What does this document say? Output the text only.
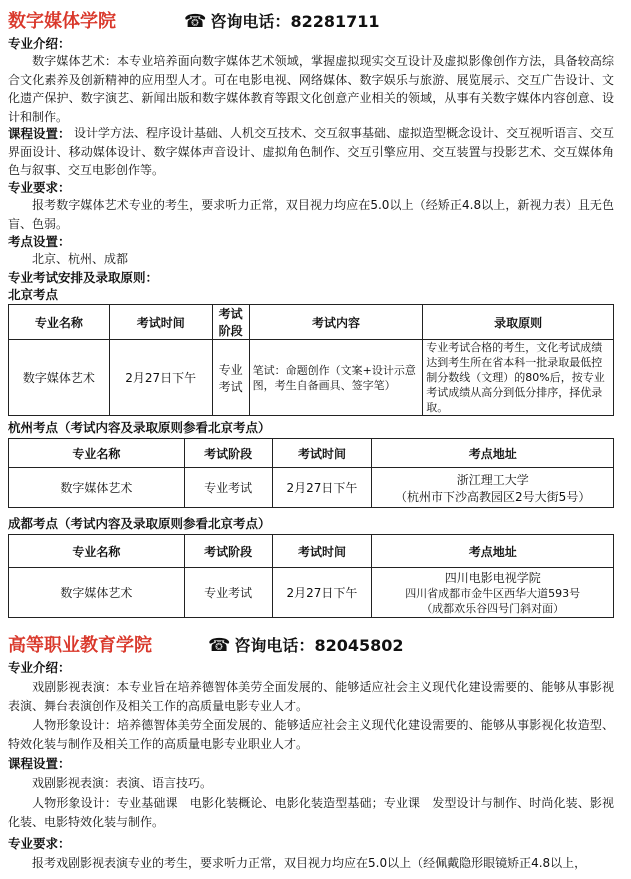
数字媒体学院	☎ 咨询电话：82281711
专业介绍：
数字媒体艺术：本专业培养面向数字媒体艺术领域，掌握虚拟现实交互设计及虚拟影像创作方法，具备较高综合文化素养及创新精神的应用型人才。可在电影电视、网络媒体、数字娱乐与旅游、展览展示、交互广告设计、文化遗产保护、数字演艺、新闻出版和数字媒体教育等跟文化创意产业相关的领域，从事有关数字媒体内容创意、设计和制作。
课程设置： 设计学方法、程序设计基础、人机交互技术、交互叙事基础、虚拟造型概念设计、交互视听语言、交互界面设计、移动媒体设计、数字媒体声音设计、虚拟角色制作、交互引擎应用、交互装置与投影艺术、交互媒体角色与叙事、交互电影创作等。
专业要求：
报考数字媒体艺术专业的考生，要求听力正常，双目视力均应在5.0以上（经矫正4.8以上，新视力表）且无色盲、色弱。
考点设置：
北京、杭州、成都
专业考试安排及录取原则：
北京考点
专业名称	考试时间	考试阶段	考试内容	录取原则
数字媒体艺术	2月27日下午	专业考试	笔试：命题创作（文案+设计示意图，考生自备画具、签字笔）	专业考试合格的考生，文化考试成绩达到考生所在省本科一批录取最低控制分数线（文理）的80%后，按专业考试成绩从高分到低分排序，择优录取。
杭州考点（考试内容及录取原则参看北京考点）
专业名称	考试阶段	考试时间	考点地址
数字媒体艺术	专业考试	2月27日下午	浙江理工大学
（杭州市下沙高教园区2号大街5号）
成都考点（考试内容及录取原则参看北京考点）
专业名称	考试阶段	考试时间	考点地址
数字媒体艺术	专业考试	2月27日下午	四川电影电视学院
四川省成都市金牛区西华大道593号
（成都欢乐谷四号门斜对面）
高等职业教育学院	☎ 咨询电话：82045802
专业介绍：
戏剧影视表演：本专业旨在培养德智体美劳全面发展的、能够适应社会主义现代化建设需要的、能够从事影视表演、舞台表演创作及相关工作的高质量电影专业人才。
人物形象设计：培养德智体美劳全面发展的、能够适应社会主义现代化建设需要的、能够从事影视化妆造型、特效化装与制作及相关工作的高质量电影专业职业人才。
课程设置：
戏剧影视表演：表演、语言技巧。
人物形象设计：专业基础课　电影化装概论、电影化装造型基础；专业课　发型设计与制作、时尚化装、影视化装、电影特效化装与制作。
专业要求：
报考戏剧影视表演专业的考生，要求听力正常，双目视力均应在5.0以上（经佩戴隐形眼镜矫正4.8以上，
